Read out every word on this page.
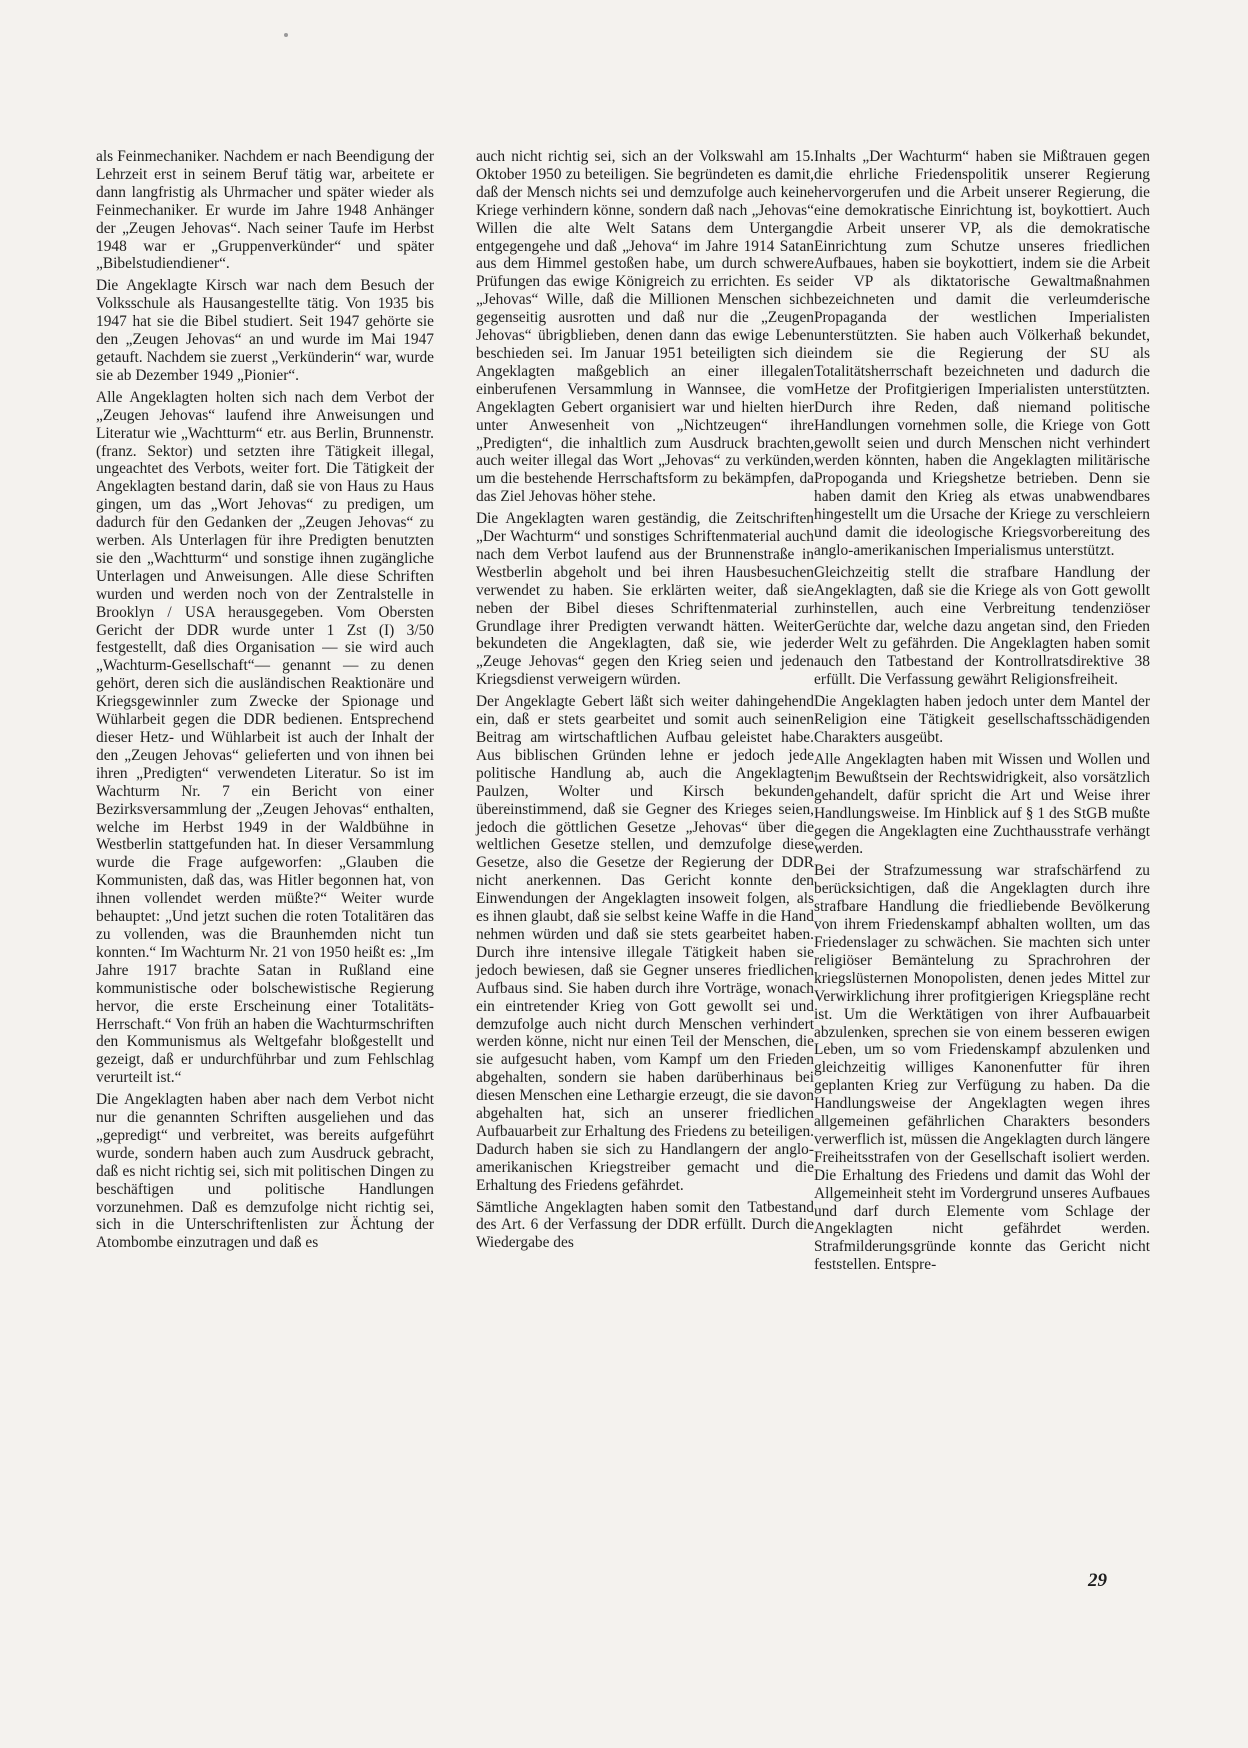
als Feinmechaniker. Nachdem er nach Beendigung der Lehrzeit erst in seinem Beruf tätig war, arbeitete er dann langfristig als Uhrmacher und später wieder als Feinmechaniker. Er wurde im Jahre 1948 Anhänger der „Zeugen Jehovas“. Nach seiner Taufe im Herbst 1948 war er „Gruppenverkünder“ und später „Bibelstudiendiener“.

Die Angeklagte Kirsch war nach dem Besuch der Volksschule als Hausangestellte tätig. Von 1935 bis 1947 hat sie die Bibel studiert. Seit 1947 gehörte sie den „Zeugen Jehovas“ an und wurde im Mai 1947 getauft. Nachdem sie zuerst „Verkünderin“ war, wurde sie ab Dezember 1949 „Pionier“.

Alle Angeklagten holten sich nach dem Verbot der „Zeugen Jehovas“ laufend ihre Anweisungen und Literatur wie „Wachtturm“ etr. aus Berlin, Brunnenstr. (franz. Sektor) und setzten ihre Tätigkeit illegal, ungeachtet des Verbots, weiter fort. Die Tätigkeit der Angeklagten bestand darin, daß sie von Haus zu Haus gingen, um das „Wort Jehovas“ zu predigen, um dadurch für den Gedanken der „Zeugen Jehovas“ zu werben. Als Unterlagen für ihre Predigten benutzten sie den „Wachtturm“ und sonstige ihnen zugängliche Unterlagen und Anweisungen. Alle diese Schriften wurden und werden noch von der Zentralstelle in Brooklyn / USA herausgegeben. Vom Obersten Gericht der DDR wurde unter 1 Zst (I) 3/50 festgestellt, daß dies Organisation — sie wird auch „Wachturm-Gesellschaft“— genannt — zu denen gehört, deren sich die ausländischen Reaktionäre und Kriegsgewinnler zum Zwecke der Spionage und Wühlarbeit gegen die DDR bedienen. Entsprechend dieser Hetz- und Wühlarbeit ist auch der Inhalt der den „Zeugen Jehovas“ gelieferten und von ihnen bei ihren „Predigten“ verwendeten Literatur. So ist im Wachturm Nr. 7 ein Bericht von einer Bezirksversammlung der „Zeugen Jehovas“ enthalten, welche im Herbst 1949 in der Waldbühne in Westberlin stattgefunden hat. In dieser Versammlung wurde die Frage aufgeworfen: „Glauben die Kommunisten, daß das, was Hitler begonnen hat, von ihnen vollendet werden müßte?“ Weiter wurde behauptet: „Und jetzt suchen die roten Totalitären das zu vollenden, was die Braunhemden nicht tun konnten.“ Im Wachturm Nr. 21 von 1950 heißt es: „Im Jahre 1917 brachte Satan in Rußland eine kommunistische oder bolschewistische Regierung hervor, die erste Erscheinung einer Totalitäts-Herrschaft.“ Von früh an haben die Wachturmschriften den Kommunismus als Weltgefahr bloßgestellt und gezeigt, daß er undurchführbar und zum Fehlschlag verurteilt ist.“

Die Angeklagten haben aber nach dem Verbot nicht nur die genannten Schriften ausgeliehen und das „gepredigt“ und verbreitet, was bereits aufgeführt wurde, sondern haben auch zum Ausdruck gebracht, daß es nicht richtig sei, sich mit politischen Dingen zu beschäftigen und politische Handlungen vorzunehmen. Daß es demzufolge nicht richtig sei, sich in die Unterschriftenlisten zur Ächtung der Atombombe einzutragen und daß es

auch nicht richtig sei, sich an der Volkswahl am 15. Oktober 1950 zu beteiligen. Sie begründeten es damit, daß der Mensch nichts sei und demzufolge auch keine Kriege verhindern könne, sondern daß nach „Jehovas“ Willen die alte Welt Satans dem Untergang entgegengehe und daß „Jehova“ im Jahre 1914 Satan aus dem Himmel gestoßen habe, um durch schwere Prüfungen das ewige Königreich zu errichten. Es sei „Jehovas“ Wille, daß die Millionen Menschen sich gegenseitig ausrotten und daß nur die „Zeugen Jehovas“ übrigblieben, denen dann das ewige Leben beschieden sei. Im Januar 1951 beteiligten sich die Angeklagten maßgeblich an einer illegalen einberufenen Versammlung in Wannsee, die vom Angeklagten Gebert organisiert war und hielten hier unter Anwesenheit von „Nichtzeugen“ ihre „Predigten“, die inhaltlich zum Ausdruck brachten, auch weiter illegal das Wort „Jehovas“ zu verkünden, um die bestehende Herrschaftsform zu bekämpfen, da das Ziel Jehovas höher stehe.

Die Angeklagten waren geständig, die Zeitschriften „Der Wachturm“ und sonstiges Schriftenmaterial auch nach dem Verbot laufend aus der Brunnenstraße in Westberlin abgeholt und bei ihren Hausbesuchen verwendet zu haben. Sie erklärten weiter, daß sie neben der Bibel dieses Schriftenmaterial zur Grundlage ihrer Predigten verwandt hätten. Weiter bekundeten die Angeklagten, daß sie, wie jeder „Zeuge Jehovas“ gegen den Krieg seien und jeden Kriegsdienst verweigern würden.

Der Angeklagte Gebert läßt sich weiter dahingehend ein, daß er stets gearbeitet und somit auch seinen Beitrag am wirtschaftlichen Aufbau geleistet habe. Aus biblischen Gründen lehne er jedoch jede politische Handlung ab, auch die Angeklagten Paulzen, Wolter und Kirsch bekunden übereinstimmend, daß sie Gegner des Krieges seien, jedoch die göttlichen Gesetze „Jehovas“ über die weltlichen Gesetze stellen, und demzufolge diese Gesetze, also die Gesetze der Regierung der DDR nicht anerkennen. Das Gericht konnte den Einwendungen der Angeklagten insoweit folgen, als es ihnen glaubt, daß sie selbst keine Waffe in die Hand nehmen würden und daß sie stets gearbeitet haben. Durch ihre intensive illegale Tätigkeit haben sie jedoch bewiesen, daß sie Gegner unseres friedlichen Aufbaus sind. Sie haben durch ihre Vorträge, wonach ein eintretender Krieg von Gott gewollt sei und demzufolge auch nicht durch Menschen verhindert werden könne, nicht nur einen Teil der Menschen, die sie aufgesucht haben, vom Kampf um den Frieden abgehalten, sondern sie haben darüberhinaus bei diesen Menschen eine Lethargie erzeugt, die sie davon abgehalten hat, sich an unserer friedlichen Aufbauarbeit zur Erhaltung des Friedens zu beteiligen. Dadurch haben sie sich zu Handlangern der anglo-amerikanischen Kriegstreiber gemacht und die Erhaltung des Friedens gefährdet.

Sämtliche Angeklagten haben somit den Tatbestand des Art. 6 der Verfassung der DDR erfüllt. Durch die Wiedergabe des

Inhalts „Der Wachturm“ haben sie Mißtrauen gegen die ehrliche Friedenspolitik unserer Regierung hervorgerufen und die Arbeit unserer Regierung, die eine demokratische Einrichtung ist, boykottiert. Auch die Arbeit unserer VP, als die demokratische Einrichtung zum Schutze unseres friedlichen Aufbaues, haben sie boykottiert, indem sie die Arbeit der VP als diktatorische Gewaltmaßnahmen bezeichneten und damit die verleumderische Propaganda der westlichen Imperialisten unterstützten. Sie haben auch Völkerhaß bekundet, indem sie die Regierung der SU als Totalitätsherrschaft bezeichneten und dadurch die Hetze der Profitgierigen Imperialisten unterstützten. Durch ihre Reden, daß niemand politische Handlungen vornehmen solle, die Kriege von Gott gewollt seien und durch Menschen nicht verhindert werden könnten, haben die Angeklagten militärische Propoganda und Kriegshetze betrieben. Denn sie haben damit den Krieg als etwas unabwendbares hingestellt um die Ursache der Kriege zu verschleiern und damit die ideologische Kriegsvorbereitung des anglo-amerikanischen Imperialismus unterstützt.

Gleichzeitig stellt die strafbare Handlung der Angeklagten, daß sie die Kriege als von Gott gewollt hinstellen, auch eine Verbreitung tendenziöser Gerüchte dar, welche dazu angetan sind, den Frieden der Welt zu gefährden. Die Angeklagten haben somit auch den Tatbestand der Kontrollratsdirektive 38 erfüllt. Die Verfassung gewährt Religionsfreiheit.

Die Angeklagten haben jedoch unter dem Mantel der Religion eine Tätigkeit gesellschaftsschädigenden Charakters ausgeübt.

Alle Angeklagten haben mit Wissen und Wollen und im Bewußtsein der Rechtswidrigkeit, also vorsätzlich gehandelt, dafür spricht die Art und Weise ihrer Handlungsweise. Im Hinblick auf § 1 des StGB mußte gegen die Angeklagten eine Zuchthausstrafe verhängt werden.

Bei der Strafzumessung war strafschärfend zu berücksichtigen, daß die Angeklagten durch ihre strafbare Handlung die friedliebende Bevölkerung von ihrem Friedenskampf abhalten wollten, um das Friedenslager zu schwächen. Sie machten sich unter religiöser Bemäntelung zu Sprachrohren der kriegslüsternen Monopolisten, denen jedes Mittel zur Verwirklichung ihrer profitgierigen Kriegspläne recht ist. Um die Werktätigen von ihrer Aufbauarbeit abzulenken, sprechen sie von einem besseren ewigen Leben, um so vom Friedenskampf abzulenken und gleichzeitig williges Kanonenfutter für ihren geplanten Krieg zur Verfügung zu haben. Da die Handlungsweise der Angeklagten wegen ihres allgemeinen gefährlichen Charakters besonders verwerflich ist, müssen die Angeklagten durch längere Freiheitsstrafen von der Gesellschaft isoliert werden. Die Erhaltung des Friedens und damit das Wohl der Allgemeinheit steht im Vordergrund unseres Aufbaues und darf durch Elemente vom Schlage der Angeklagten nicht gefährdet werden. Strafmilderungsgründe konnte das Gericht nicht feststellen. Entspre-

29
